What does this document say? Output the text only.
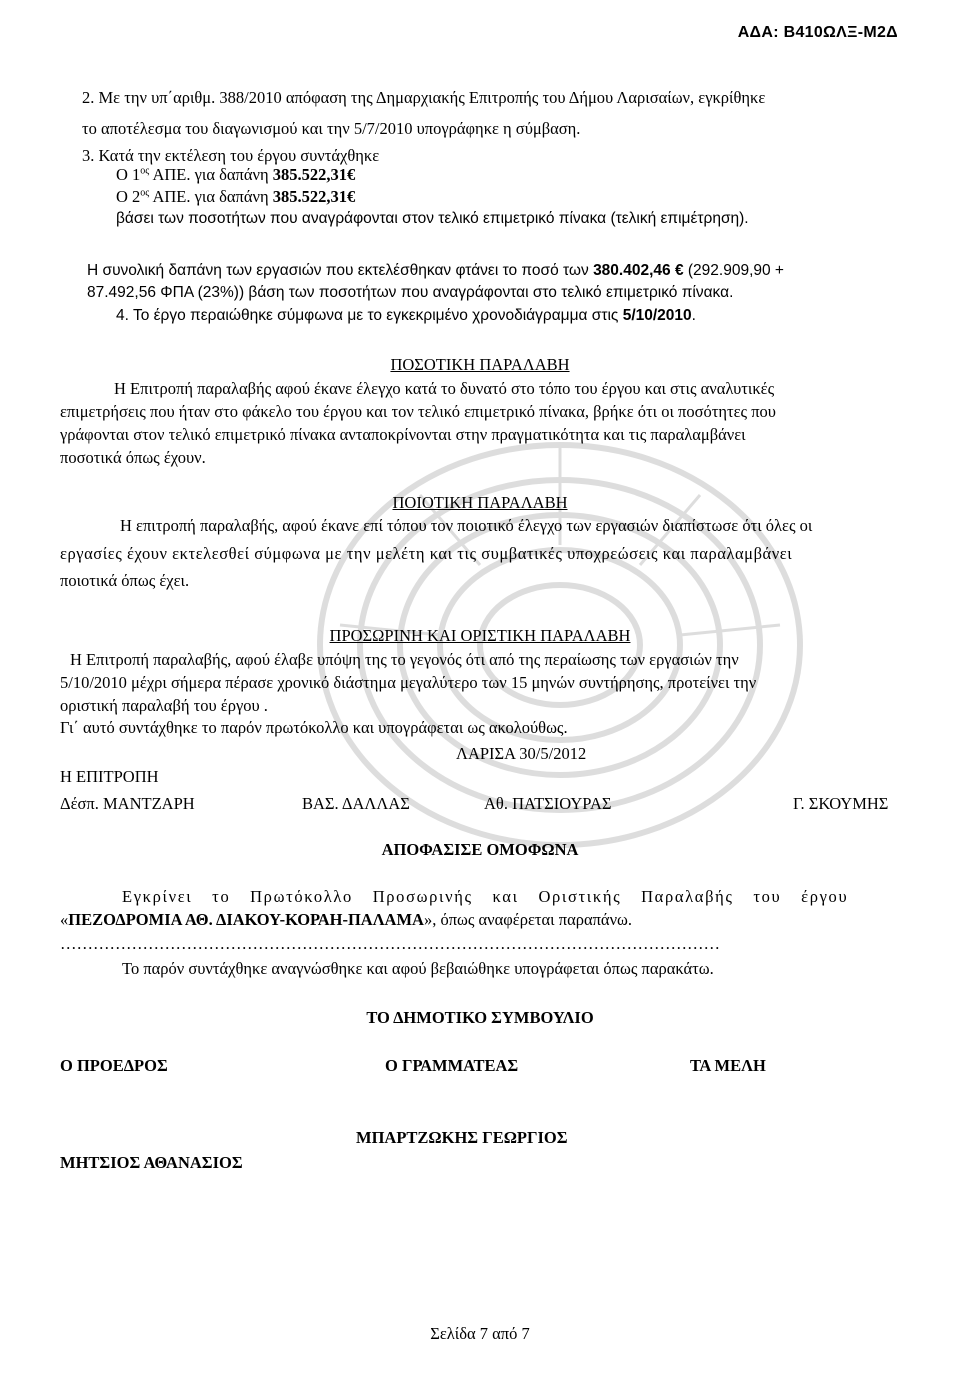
ΑΔΑ: Β410ΩΛΞ-Μ2Δ
2. Με την υπ΄αριθμ. 388/2010 απόφαση της Δημαρχιακής Επιτροπής του Δήμου Λαρισαίων, εγκρίθηκε
το αποτέλεσμα του διαγωνισμού και την 5/7/2010 υπογράφηκε η σύμβαση.
3. Κατά την εκτέλεση του έργου συντάχθηκε
Ο $1^{o\varsigma}$ ΑΠΕ. για δαπάνη 385.522,31€
Ο $2^{o\varsigma}$ ΑΠΕ. για δαπάνη 385.522,31€
βάσει των ποσοτήτων που αναγράφονται στον τελικό επιμετρικό πίνακα (τελική επιμέτρηση).
Η συνολική δαπάνη των εργασιών που εκτελέσθηκαν φτάνει το ποσό των 380.402,46 € (292.909,90 +
87.492,56 ΦΠΑ (23%)) βάση των ποσοτήτων που αναγράφονται στο τελικό επιμετρικό πίνακα.
4. Το έργο περαιώθηκε σύμφωνα με το εγκεκριμένο χρονοδιάγραμμα στις 5/10/2010.
ΠΟΣΟΤΙΚΗ ΠΑΡΑΛΑΒΗ
Η Επιτροπή παραλαβής αφού έκανε έλεγχο κατά το δυνατό στο τόπο του έργου και στις αναλυτικές
επιμετρήσεις που ήταν στο φάκελο του έργου και τον τελικό επιμετρικό πίνακα, βρήκε ότι οι ποσότητες που
γράφονται στον τελικό επιμετρικό πίνακα ανταποκρίνονται στην πραγματικότητα και τις παραλαμβάνει
ποσοτικά όπως έχουν.
ΠΟΙΟΤΙΚΗ ΠΑΡΑΛΑΒΗ
Η επιτροπή παραλαβής, αφού έκανε επί τόπου τον ποιοτικό έλεγχο των εργασιών διαπίστωσε ότι όλες οι
εργασίες έχουν εκτελεσθεί σύμφωνα με την μελέτη και τις συμβατικές υποχρεώσεις και παραλαμβάνει
ποιοτικά όπως έχει.
ΠΡΟΣΩΡΙΝΗ ΚΑΙ ΟΡΙΣΤΙΚΗ ΠΑΡΑΛΑΒΗ
Η Επιτροπή παραλαβής, αφού έλαβε υπόψη της το γεγονός ότι από της περαίωσης των εργασιών την
5/10/2010 μέχρι σήμερα πέρασε χρονικό διάστημα μεγαλύτερο των 15 μηνών συντήρησης, προτείνει την
οριστική παραλαβή του έργου .
Γι΄ αυτό συντάχθηκε το παρόν πρωτόκολλο και υπογράφεται ως ακολούθως.
ΛΑΡΙΣΑ 30/5/2012
Η ΕΠΙΤΡΟΠΗ
Δέσπ. ΜΑΝΤΖΑΡΗ	ΒΑΣ. ΔΑΛΛΑΣ	Αθ. ΠΑΤΣΙΟΥΡΑΣ	Γ. ΣΚΟΥΜΗΣ
ΑΠΟΦΑΣΙΣΕ ΟΜΟΦΩΝΑ
Εγκρίνει το Πρωτόκολλο Προσωρινής και Οριστικής Παραλαβής του έργου
«ΠΕΖΟΔΡΟΜΙΑ ΑΘ. ΔΙΑΚΟΥ-ΚΟΡΑΗ-ΠΑΛΑΜΑ», όπως αναφέρεται παραπάνω.
…………………………………………………………………………………………………………
Το παρόν συντάχθηκε αναγνώσθηκε και αφού βεβαιώθηκε υπογράφεται όπως παρακάτω.
ΤΟ ΔΗΜΟΤΙΚΟ ΣΥΜΒΟΥΛΙΟ
Ο ΠΡΟΕΔΡΟΣ	Ο ΓΡΑΜΜΑΤΕΑΣ	ΤΑ ΜΕΛΗ
ΜΠΑΡΤΖΩΚΗΣ ΓΕΩΡΓΙΟΣ
ΜΗΤΣΙΟΣ ΑΘΑΝΑΣΙΟΣ
Σελίδα 7 από 7
